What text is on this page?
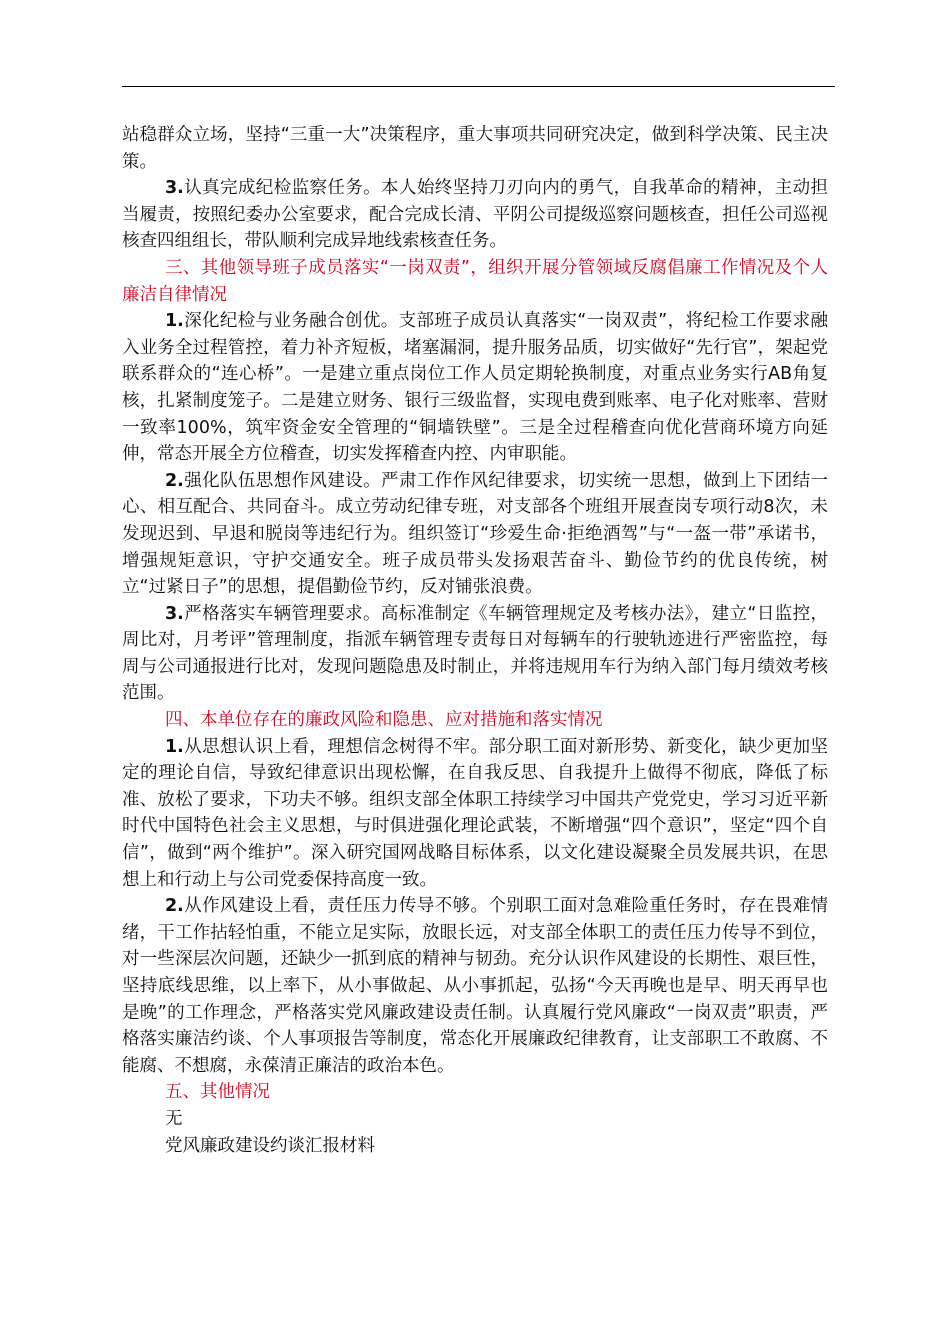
站稳群众立场，坚持“三重一大”决策程序，重大事项共同研究决定，做到科学决策、民主决策。

3.认真完成纪检监察任务。本人始终坚持刀刃向内的勇气，自我革命的精神，主动担当履责，按照纪委办公室要求，配合完成长清、平阴公司提级巡察问题核查，担任公司巡视核查四组组长，带队顺利完成异地线索核查任务。

三、其他领导班子成员落实“一岗双责”，组织开展分管领域反腐倡廉工作情况及个人廉洁自律情况

1.深化纪检与业务融合创优。支部班子成员认真落实“一岗双责”，将纪检工作要求融入业务全过程管控，着力补齐短板，堵塞漏洞，提升服务品质，切实做好“先行官”，架起党联系群众的“连心桥”。一是建立重点岗位工作人员定期轮换制度，对重点业务实行AB角复核，扎紧制度笼子。二是建立财务、银行三级监督，实现电费到账率、电子化对账率、营财一致率100%，筑牢资金安全管理的“铜墙铁壁”。三是全过程稽查向优化营商环境方向延伸，常态开展全方位稽查，切实发挥稽查内控、内审职能。

2.强化队伍思想作风建设。严肃工作作风纪律要求，切实统一思想，做到上下团结一心、相互配合、共同奋斗。成立劳动纪律专班，对支部各个班组开展查岗专项行动8次，未发现迟到、早退和脱岗等违纪行为。组织签订“珍爱生命·拒绝酒驾”与“一盔一带”承诺书，增强规矩意识，守护交通安全。班子成员带头发扬艰苦奋斗、勤俭节约的优良传统，树立“过紧日子”的思想，提倡勤俭节约，反对铺张浪费。

3.严格落实车辆管理要求。高标准制定《车辆管理规定及考核办法》，建立“日监控，周比对，月考评”管理制度，指派车辆管理专责每日对每辆车的行驶轨迹进行严密监控，每周与公司通报进行比对，发现问题隐患及时制止，并将违规用车行为纳入部门每月绩效考核范围。

四、本单位存在的廉政风险和隐患、应对措施和落实情况

1.从思想认识上看，理想信念树得不牢。部分职工面对新形势、新变化，缺少更加坚定的理论自信，导致纪律意识出现松懈，在自我反思、自我提升上做得不彻底，降低了标准、放松了要求，下功夫不够。组织支部全体职工持续学习中国共产党党史，学习习近平新时代中国特色社会主义思想，与时俱进强化理论武装，不断增强“四个意识”，坚定“四个自信”，做到“两个维护”。深入研究国网战略目标体系，以文化建设凝聚全员发展共识，在思想上和行动上与公司党委保持高度一致。

2.从作风建设上看，责任压力传导不够。个别职工面对急难险重任务时，存在畏难情绪，干工作拈轻怕重，不能立足实际，放眼长远，对支部全体职工的责任压力传导不到位，对一些深层次问题，还缺少一抓到底的精神与韧劲。充分认识作风建设的长期性、艰巨性，坚持底线思维，以上率下，从小事做起、从小事抓起，弘扬“今天再晚也是早、明天再早也是晚”的工作理念，严格落实党风廉政建设责任制。认真履行党风廉政“一岗双责”职责，严格落实廉洁约谈、个人事项报告等制度，常态化开展廉政纪律教育，让支部职工不敢腐、不能腐、不想腐，永葆清正廉洁的政治本色。

五、其他情况

无

党风廉政建设约谈汇报材料
